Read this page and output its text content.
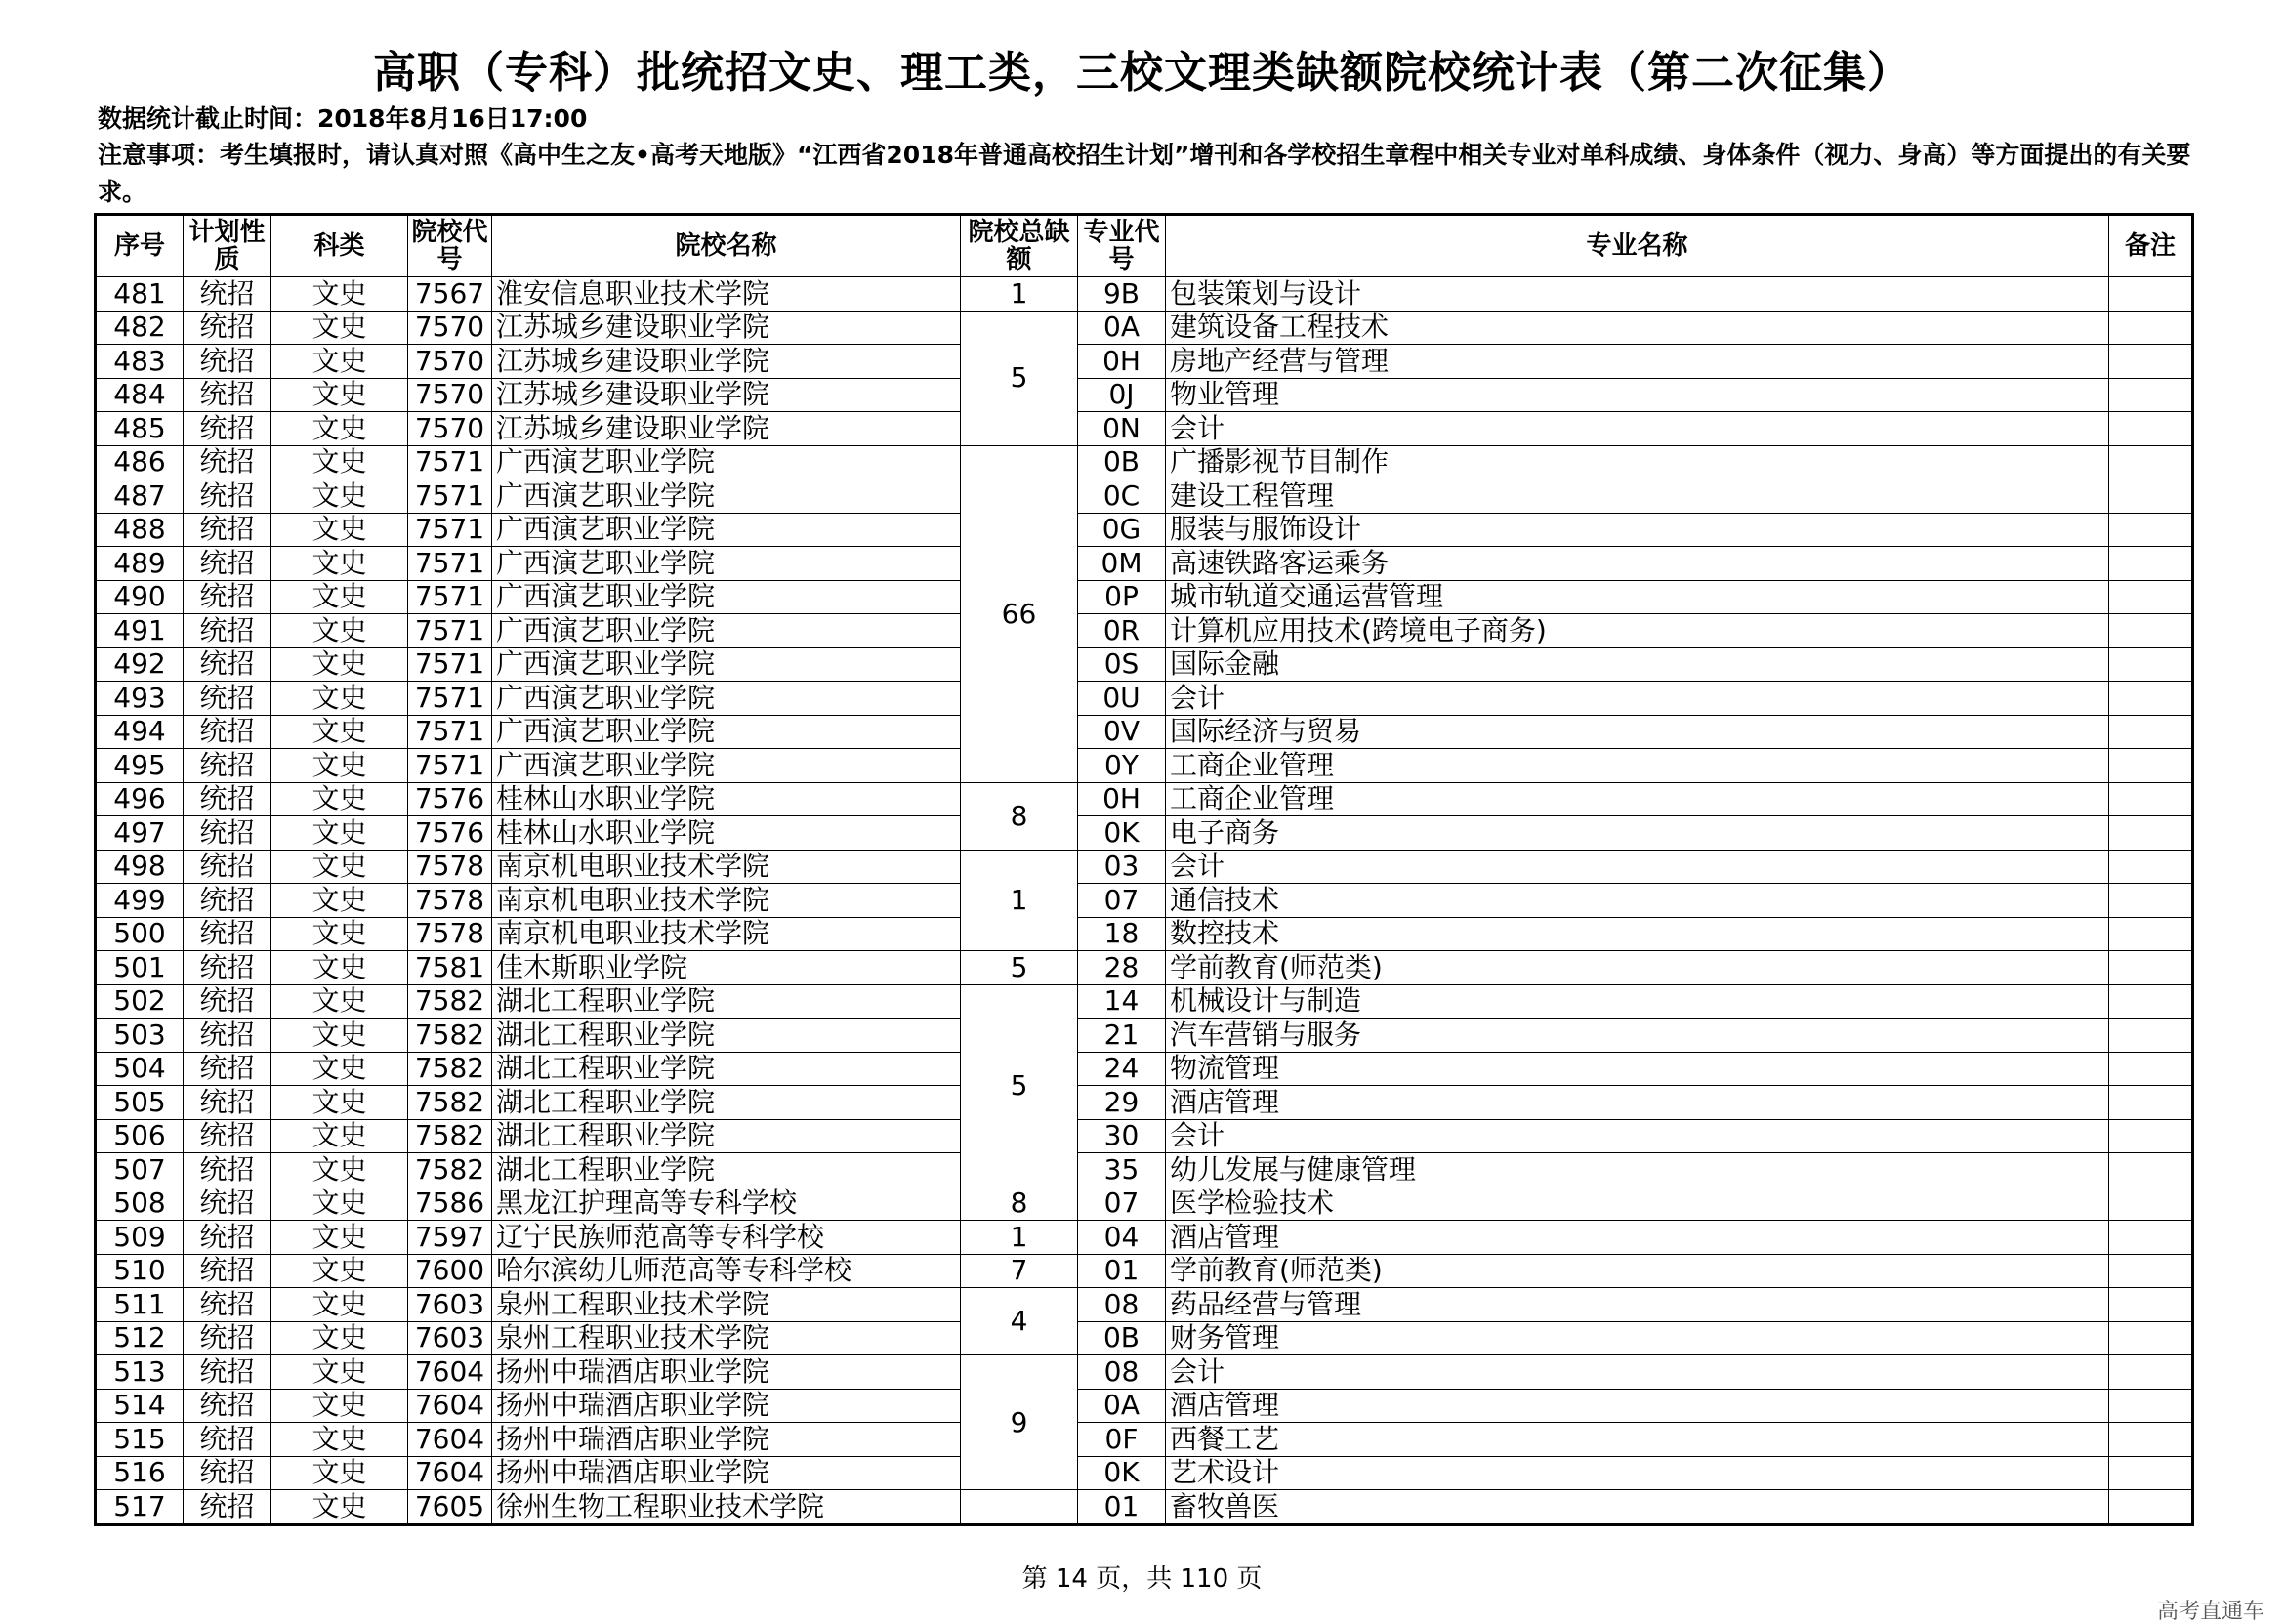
高职（专科）批统招文史、理工类，三校文理类缺额院校统计表（第二次征集）
数据统计截止时间：2018年8月16日17:00
注意事项：考生填报时，请认真对照《高中生之友•高考天地版》“江西省2018年普通高校招生计划”增刊和各学校招生章程中相关专业对单科成绩、身体条件（视力、身高）等方面提出的有关要求。
序号	计划性质	科类	院校代号	院校名称	院校总缺额	专业代号	专业名称	备注
481	统招	文史	7567	淮安信息职业技术学院	1	9B	包装策划与设计	
482	统招	文史	7570	江苏城乡建设职业学院	5	0A	建筑设备工程技术	
483	统招	文史	7570	江苏城乡建设职业学院		0H	房地产经营与管理	
484	统招	文史	7570	江苏城乡建设职业学院		0J	物业管理	
485	统招	文史	7570	江苏城乡建设职业学院		0N	会计	
486	统招	文史	7571	广西演艺职业学院	66	0B	广播影视节目制作	
487	统招	文史	7571	广西演艺职业学院		0C	建设工程管理	
488	统招	文史	7571	广西演艺职业学院		0G	服装与服饰设计	
489	统招	文史	7571	广西演艺职业学院		0M	高速铁路客运乘务	
490	统招	文史	7571	广西演艺职业学院		0P	城市轨道交通运营管理	
491	统招	文史	7571	广西演艺职业学院		0R	计算机应用技术(跨境电子商务)	
492	统招	文史	7571	广西演艺职业学院		0S	国际金融	
493	统招	文史	7571	广西演艺职业学院		0U	会计	
494	统招	文史	7571	广西演艺职业学院		0V	国际经济与贸易	
495	统招	文史	7571	广西演艺职业学院		0Y	工商企业管理	
496	统招	文史	7576	桂林山水职业学院	8	0H	工商企业管理	
497	统招	文史	7576	桂林山水职业学院		0K	电子商务	
498	统招	文史	7578	南京机电职业技术学院	1	03	会计	
499	统招	文史	7578	南京机电职业技术学院		07	通信技术	
500	统招	文史	7578	南京机电职业技术学院		18	数控技术	
501	统招	文史	7581	佳木斯职业学院	5	28	学前教育(师范类)	
502	统招	文史	7582	湖北工程职业学院	5	14	机械设计与制造	
503	统招	文史	7582	湖北工程职业学院		21	汽车营销与服务	
504	统招	文史	7582	湖北工程职业学院		24	物流管理	
505	统招	文史	7582	湖北工程职业学院		29	酒店管理	
506	统招	文史	7582	湖北工程职业学院		30	会计	
507	统招	文史	7582	湖北工程职业学院		35	幼儿发展与健康管理	
508	统招	文史	7586	黑龙江护理高等专科学校	8	07	医学检验技术	
509	统招	文史	7597	辽宁民族师范高等专科学校	1	04	酒店管理	
510	统招	文史	7600	哈尔滨幼儿师范高等专科学校	7	01	学前教育(师范类)	
511	统招	文史	7603	泉州工程职业技术学院	4	08	药品经营与管理	
512	统招	文史	7603	泉州工程职业技术学院		0B	财务管理	
513	统招	文史	7604	扬州中瑞酒店职业学院	9	08	会计	
514	统招	文史	7604	扬州中瑞酒店职业学院		0A	酒店管理	
515	统招	文史	7604	扬州中瑞酒店职业学院		0F	西餐工艺	
516	统招	文史	7604	扬州中瑞酒店职业学院		0K	艺术设计	
517	统招	文史	7605	徐州生物工程职业技术学院		01	畜牧兽医	
第 14 页，共 110 页
高考直通车
